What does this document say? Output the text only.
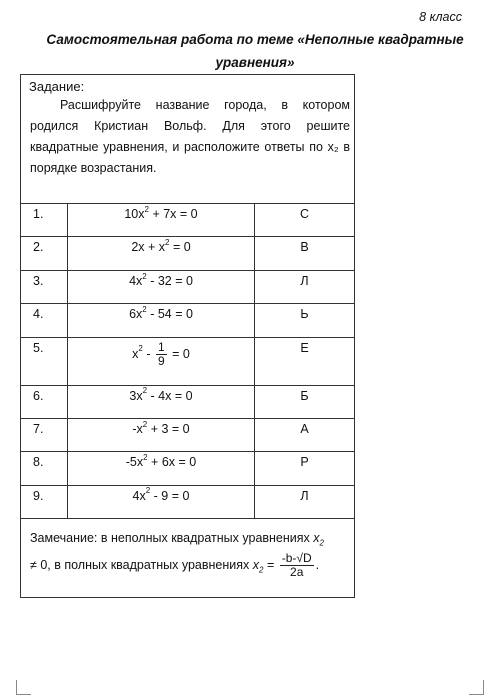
8 класс
Самостоятельная работа по теме «Неполные квадратные уравнения»
Задание:
Расшифруйте название города, в котором родился Кристиан Вольф. Для этого решите квадратные уравнения, и расположите ответы по x₂ в порядке возрастания.
1.	$10x^2 + 7x = 0$	С
2.	$2x + x^2 = 0$	В
3.	$4x^2 - 32 = 0$	Л
4.	$6x^2 - 54 = 0$	Ь
5.	$x^2 - \frac{1}{9} = 0$	Е
6.	$3x^2 - 4x = 0$	Б
7.	$-x^2 + 3 = 0$	А
8.	$-5x^2 + 6x = 0$	Р
9.	$4x^2 - 9 = 0$	Л
Замечание: в неполных квадратных уравнениях $x_2$
≠ 0, в полных квадратных уравнениях $x_2 = \frac{-b-√D}{2a}$ .
